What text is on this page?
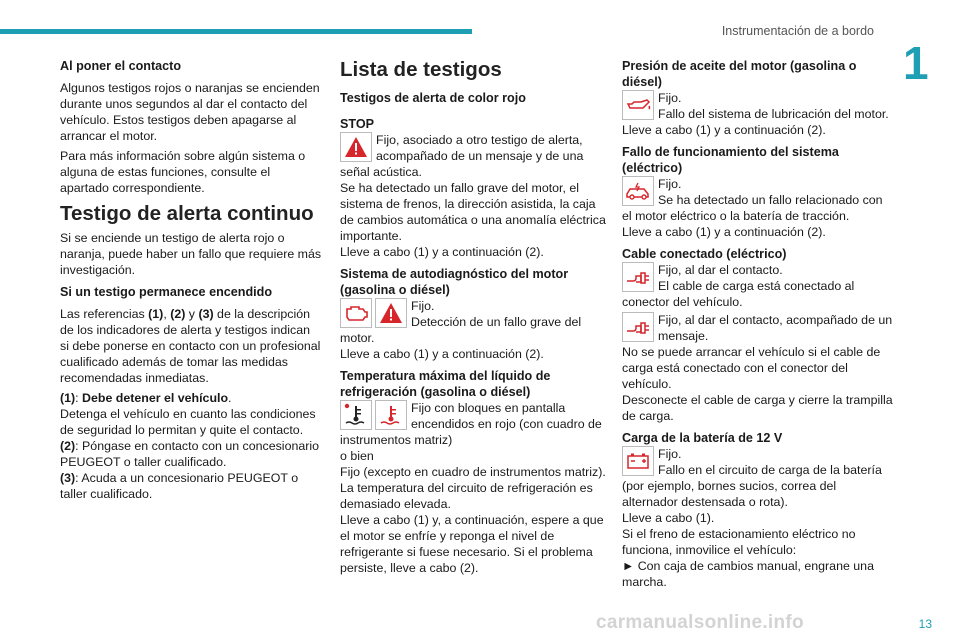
Instrumentación de a bordo
1
Al poner el contacto

Algunos testigos rojos o naranjas se encienden durante unos segundos al dar el contacto del vehículo. Estos testigos deben apagarse al arrancar el motor.

Para más información sobre algún sistema o alguna de estas funciones, consulte el apartado correspondiente.

Testigo de alerta continuo

Si se enciende un testigo de alerta rojo o naranja, puede haber un fallo que requiere más investigación.

Si un testigo permanece encendido

Las referencias (1), (2) y (3) de la descripción de los indicadores de alerta y testigos indican si debe ponerse en contacto con un profesional cualificado además de tomar las medidas recomendadas inmediatas.

(1): Debe detener el vehículo.

Detenga el vehículo en cuanto las condiciones de seguridad lo permitan y quite el contacto.

(2): Póngase en contacto con un concesionario PEUGEOT o taller cualificado.

(3): Acuda a un concesionario PEUGEOT o taller cualificado.

Lista de testigos
Testigos de alerta de color rojo
STOP
Fijo, asociado a otro testigo de alerta, acompañado de un mensaje y de una señal acústica.

Se ha detectado un fallo grave del motor, el sistema de frenos, la dirección asistida, la caja de cambios automática o una anomalía eléctrica importante.

Lleve a cabo (1) y a continuación (2).

Sistema de autodiagnóstico del motor (gasolina o diésel)
Fijo.
Detección de un fallo grave del motor.

Lleve a cabo (1) y a continuación (2).

Temperatura máxima del líquido de refrigeración (gasolina o diésel)
Fijo con bloques en pantalla encendidos en rojo (con cuadro de instrumentos matriz)

o bien

Fijo (excepto en cuadro de instrumentos matriz).

La temperatura del circuito de refrigeración es demasiado elevada.

Lleve a cabo (1) y, a continuación, espere a que el motor se enfríe y reponga el nivel de refrigerante si fuese necesario. Si el problema persiste, lleve a cabo (2).

Presión de aceite del motor (gasolina o diésel)
Fijo.
Fallo del sistema de lubricación del motor.

Lleve a cabo (1) y a continuación (2).

Fallo de funcionamiento del sistema (eléctrico)
Fijo.
Se ha detectado un fallo relacionado con el motor eléctrico o la batería de tracción.

Lleve a cabo (1) y a continuación (2).

Cable conectado (eléctrico)
Fijo, al dar el contacto.
El cable de carga está conectado al conector del vehículo.
Fijo, al dar el contacto, acompañado de un mensaje.

No se puede arrancar el vehículo si el cable de carga está conectado con el conector del vehículo.

Desconecte el cable de carga y cierre la trampilla de carga.

Carga de la batería de 12 V
Fijo.
Fallo en el circuito de carga de la batería (por ejemplo, bornes sucios, correa del alternador destensada o rota).

Lleve a cabo (1).

Si el freno de estacionamiento eléctrico no funciona, inmovilice el vehículo:

► Con caja de cambios manual, engrane una marcha.

carmanualsonline.info	13
